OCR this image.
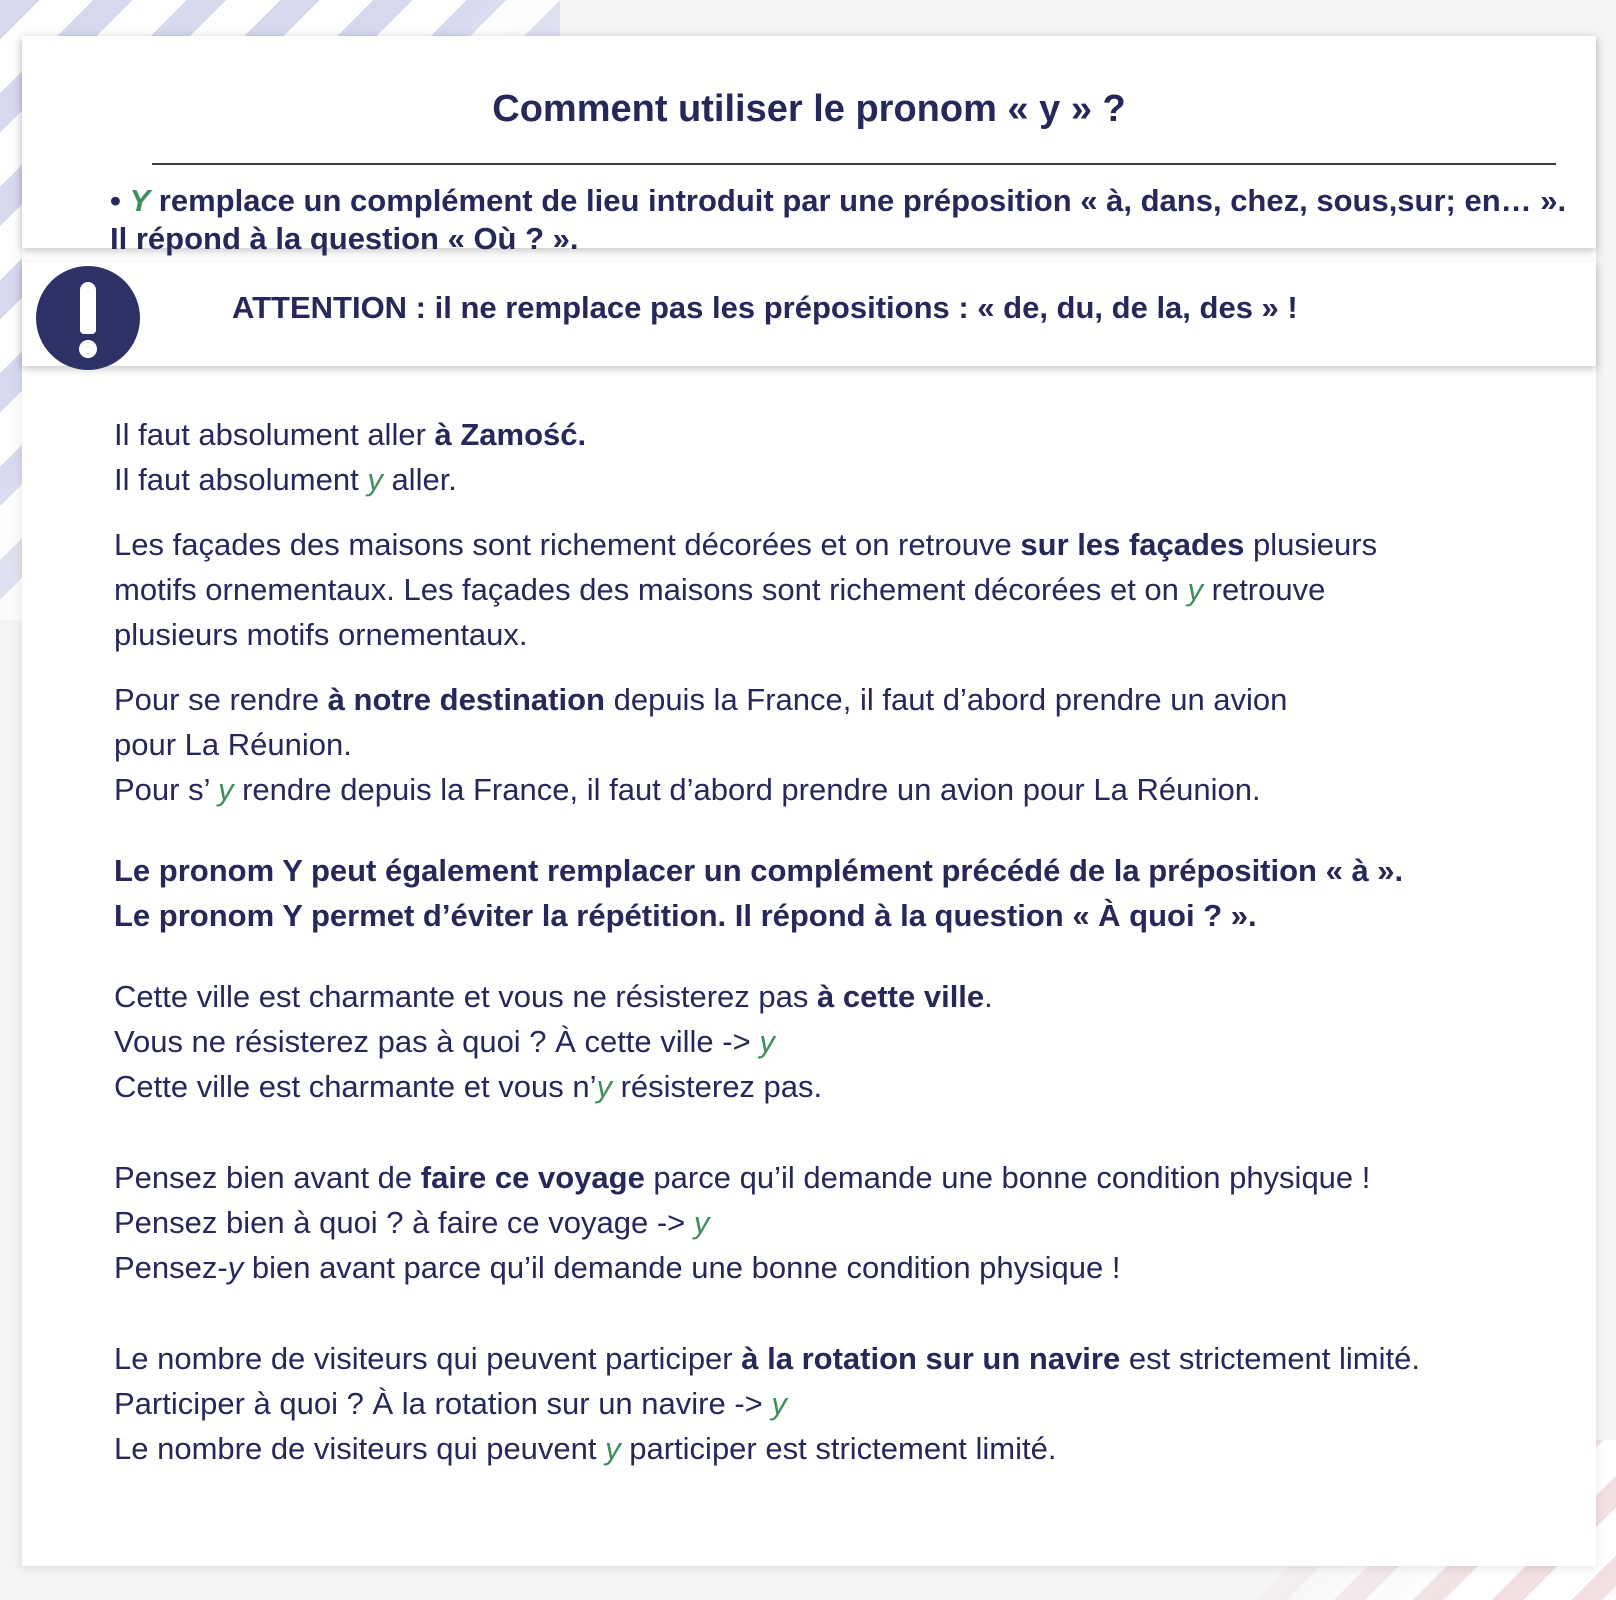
Comment utiliser le pronom « y » ?
• Y remplace un complément de lieu introduit par une préposition « à, dans, chez, sous,sur; en… ». Il répond à la question « Où ? ».
ATTENTION : il ne remplace pas les prépositions : « de, du, de la, des » !

Il faut absolument aller à Zamość.

Il faut absolument y aller.

Les façades des maisons sont richement décorées et on retrouve sur les façades plusieurs

motifs ornementaux. Les façades des maisons sont richement décorées et on y retrouve

plusieurs motifs ornementaux.

Pour se rendre à notre destination depuis la France, il faut d’abord prendre un avion

pour La Réunion.

Pour s’ y rendre depuis la France, il faut d’abord prendre un avion pour La Réunion.

Le pronom Y peut également remplacer un complément précédé de la préposition « à ».

Le pronom Y permet d’éviter la répétition. Il répond à la question « À quoi ? ».

Cette ville est charmante et vous ne résisterez pas à cette ville.

Vous ne résisterez pas à quoi ? À cette ville -> y

Cette ville est charmante et vous n’y résisterez pas.

Pensez bien avant de faire ce voyage parce qu’il demande une bonne condition physique !

Pensez bien à quoi ? à faire ce voyage -> y

Pensez-y bien avant parce qu’il demande une bonne condition physique !

Le nombre de visiteurs qui peuvent participer à la rotation sur un navire est strictement limité.

Participer à quoi ? À la rotation sur un navire -> y

Le nombre de visiteurs qui peuvent y participer est strictement limité.
